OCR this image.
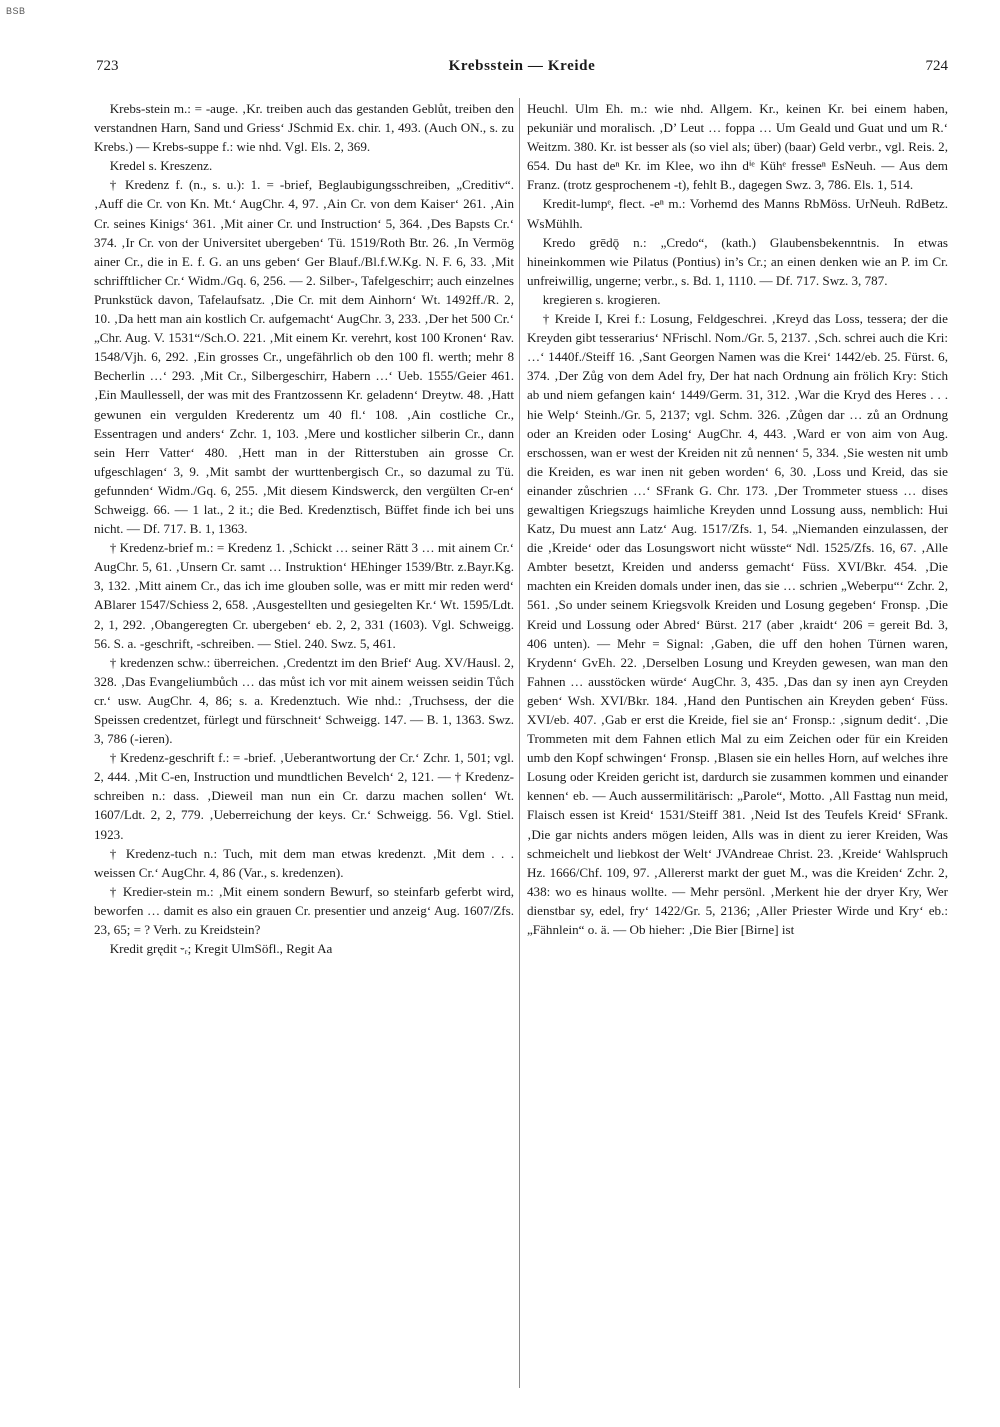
BSB
723	Krebsstein — Kreide	724

Krebs-stein m.: = -auge. ‚Kr. treiben auch das gestanden Geblůt, treiben den verstandnen Harn, Sand und Griess‘ JSchmid Ex. chir. 1, 493. (Auch ON., s. zu Krebs.) — Krebs-suppe f.: wie nhd. Vgl. Els. 2, 369.

Kredel s. Kreszenz.

† Kredenz f. (n., s. u.): 1. = -brief, Beglaubigungsschreiben, „Creditiv“. ‚Auff die Cr. von Kn. Mt.‘ AugChr. 4, 97. ‚Ain Cr. von dem Kaiser‘ 261. ‚Ain Cr. seines Kinigs‘ 361. ‚Mit ainer Cr. und Instruction‘ 5, 364. ‚Des Bapsts Cr.‘ 374. ‚Ir Cr. von der Universitet ubergeben‘ Tü. 1519/Roth Btr. 26. ‚In Vermög ainer Cr., die in E. f. G. an uns geben‘ Ger Blauf./Bl.f.W.Kg. N. F. 6, 33. ‚Mit schrifftlicher Cr.‘ Widm./Gq. 6, 256. — 2. Silber-, Tafelgeschirr; auch einzelnes Prunkstück davon, Tafelaufsatz. ‚Die Cr. mit dem Ainhorn‘ Wt. 1492ff./R. 2, 10. ‚Da hett man ain kostlich Cr. aufgemacht‘ AugChr. 3, 233. ‚Der het 500 Cr.‘ „Chr. Aug. V. 1531“/Sch.O. 221. ‚Mit einem Kr. verehrt, kost 100 Kronen‘ Rav. 1548/Vjh. 6, 292. ‚Ein grosses Cr., ungefährlich ob den 100 fl. werth; mehr 8 Becherlin …‘ 293. ‚Mit Cr., Silbergeschirr, Habern …‘ Ueb. 1555/Geier 461. ‚Ein Maullessell, der was mit des Frantzossenn Kr. geladenn‘ Dreytw. 48. ‚Hatt gewunen ein vergulden Krederentz um 40 fl.‘ 108. ‚Ain costliche Cr., Essentragen und anders‘ Zchr. 1, 103. ‚Mere und kostlicher silberin Cr., dann sein Herr Vatter‘ 480. ‚Hett man in der Ritterstuben ain grosse Cr. ufgeschlagen‘ 3, 9. ‚Mit sambt der wurttenbergisch Cr., so dazumal zu Tü. gefunnden‘ Widm./Gq. 6, 255. ‚Mit diesem Kindswerck, den vergülten Cr-en‘ Schweigg. 66. — 1 lat., 2 it.; die Bed. Kredenztisch, Büffet finde ich bei uns nicht. — Df. 717. B. 1, 1363.

† Kredenz-brief m.: = Kredenz 1. ‚Schickt … seiner Rätt 3 … mit ainem Cr.‘ AugChr. 5, 61. ‚Unsern Cr. samt … Instruktion‘ HEhinger 1539/Btr. z.Bayr.Kg. 3, 132. ‚Mitt ainem Cr., das ich ime glouben solle, was er mitt mir reden werd‘ ABlarer 1547/Schiess 2, 658. ‚Ausgestellten und gesiegelten Kr.‘ Wt. 1595/Ldt. 2, 1, 292. ‚Obangeregten Cr. ubergeben‘ eb. 2, 2, 331 (1603). Vgl. Schweigg. 56. S. a. -geschrift, -schreiben. — Stiel. 240. Swz. 5, 461.

† kredenzen schw.: überreichen. ‚Credentzt im den Brief‘ Aug. XV/Hausl. 2, 328. ‚Das Evangeliumbůch … das můst ich vor mit ainem weissen seidin Tůch cr.‘ usw. AugChr. 4, 86; s. a. Kredenztuch. Wie nhd.: ‚Truchsess, der die Speissen credentzet, fürlegt und fürschneit‘ Schweigg. 147. — B. 1, 1363. Swz. 3, 786 (-ieren).

† Kredenz-geschrift f.: = -brief. ‚Ueberantwortung der Cr.‘ Zchr. 1, 501; vgl. 2, 444. ‚Mit C-en, Instruction und mundtlichen Bevelch‘ 2, 121. — † Kredenz-schreiben n.: dass. ‚Dieweil man nun ein Cr. darzu machen sollen‘ Wt. 1607/Ldt. 2, 2, 779. ‚Ueberreichung der keys. Cr.‘ Schweigg. 56. Vgl. Stiel. 1923.

† Kredenz-tuch n.: Tuch, mit dem man etwas kredenzt. ‚Mit dem . . . weissen Cr.‘ AugChr. 4, 86 (Var., s. kredenzen).

† Kredier-stein m.: ‚Mit einem sondern Bewurf, so steinfarb geferbt wird, beworfen … damit es also ein grauen Cr. presentier und anzeig‘ Aug. 1607/Zfs. 23, 65; = ? Verh. zu Kreidstein?

Kredit grędit ⏑ᵣ; Kregit UlmSöfl., Regit Aa

Heuchl. Ulm Eh. m.: wie nhd. Allgem. Kr., keinen Kr. bei einem haben, pekuniär und moralisch. ‚D’ Leut … foppa … Um Geald und Guat und um R.‘ Weitzm. 380. Kr. ist besser als (so viel als; über) (baar) Geld verbr., vgl. Reis. 2, 654. Du hast deⁿ Kr. im Klee, wo ihn dⁱᵉ Kühᵉ fresseⁿ EsNeuh. — Aus dem Franz. (trotz gesprochenem -t), fehlt B., dagegen Swz. 3, 786. Els. 1, 514.

Kredit-lumpᵉ, flect. -eⁿ m.: Vorhemd des Manns RbMöss. UrNeuh. RdBetz. WsMühlh.

Kredo grēdǭ n.: „Credo“, (kath.) Glaubensbekenntnis. In etwas hineinkommen wie Pilatus (Pontius) in’s Cr.; an einen denken wie an P. im Cr. unfreiwillig, ungerne; verbr., s. Bd. 1, 1110. — Df. 717. Swz. 3, 787.

kregieren s. krogieren.

† Kreide I, Krei f.: Losung, Feldgeschrei. ‚Kreyd das Loss, tessera; der die Kreyden gibt tesserarius‘ NFrischl. Nom./Gr. 5, 2137. ‚Sch. schrei auch die Kri: …‘ 1440f./Steiff 16. ‚Sant Georgen Namen was die Krei‘ 1442/eb. 25. Fürst. 6, 374. ‚Der Zůg von dem Adel fry, Der hat nach Ordnung ain frölich Kry: Stich ab und niem gefangen kain‘ 1449/Germ. 31, 312. ‚War die Kryd des Heres . . . hie Welp‘ Steinh./Gr. 5, 2137; vgl. Schm. 326. ‚Zůgen dar … zů an Ordnung oder an Kreiden oder Losing‘ AugChr. 4, 443. ‚Ward er von aim von Aug. erschossen, wan er west der Kreiden nit zů nennen‘ 5, 334. ‚Sie westen nit umb die Kreiden, es war inen nit geben worden‘ 6, 30. ‚Loss und Kreid, das sie einander zůschrien …‘ SFrank G. Chr. 173. ‚Der Trommeter stuess … dises gewaltigen Kriegszugs haimliche Kreyden unnd Lossung auss, nemblich: Hui Katz, Du muest ann Latz‘ Aug. 1517/Zfs. 1, 54. „Niemanden einzulassen, der die ‚Kreide‘ oder das Losungswort nicht wüsste“ Ndl. 1525/Zfs. 16, 67. ‚Alle Ambter besetzt, Kreiden und anderss gemacht‘ Füss. XVI/Bkr. 454. ‚Die machten ein Kreiden domals under inen, das sie … schrien „Weberpu“‘ Zchr. 2, 561. ‚So under seinem Kriegsvolk Kreiden und Losung gegeben‘ Fronsp. ‚Die Kreid und Lossung oder Abred‘ Bürst. 217 (aber ‚kraidt‘ 206 = gereit Bd. 3, 406 unten). — Mehr = Signal: ‚Gaben, die uff den hohen Türnen waren, Krydenn‘ GvEh. 22. ‚Derselben Losung und Kreyden gewesen, wan man den Fahnen … ausstöcken würde‘ AugChr. 3, 435. ‚Das dan sy inen ayn Creyden geben‘ Wsh. XVI/Bkr. 184. ‚Hand den Puntischen ain Kreyden geben‘ Füss. XVI/eb. 407. ‚Gab er erst die Kreide, fiel sie an‘ Fronsp.: ‚signum dedit‘. ‚Die Trommeten mit dem Fahnen etlich Mal zu eim Zeichen oder für ein Kreiden umb den Kopf schwingen‘ Fronsp. ‚Blasen sie ein helles Horn, auf welches ihre Losung oder Kreiden gericht ist, dardurch sie zusammen kommen und einander kennen‘ eb. — Auch aussermilitärisch: „Parole“, Motto. ‚All Fasttag nun meid, Flaisch essen ist Kreid‘ 1531/Steiff 381. ‚Neid Ist des Teufels Kreid‘ SFrank. ‚Die gar nichts anders mögen leiden, Alls was in dient zu ierer Kreiden, Was schmeichelt und liebkost der Welt‘ JVAndreae Christ. 23. ‚Kreide‘ Wahlspruch Hz. 1666/Chf. 109, 97. ‚Allererst markt der guet M., was die Kreiden‘ Zchr. 2, 438: wo es hinaus wollte. — Mehr persönl. ‚Merkent hie der dryer Kry, Wer dienstbar sy, edel, fry‘ 1422/Gr. 5, 2136; ‚Aller Priester Wirde und Kry‘ eb.: „Fähnlein“ o. ä. — Ob hieher: ‚Die Bier [Birne] ist
